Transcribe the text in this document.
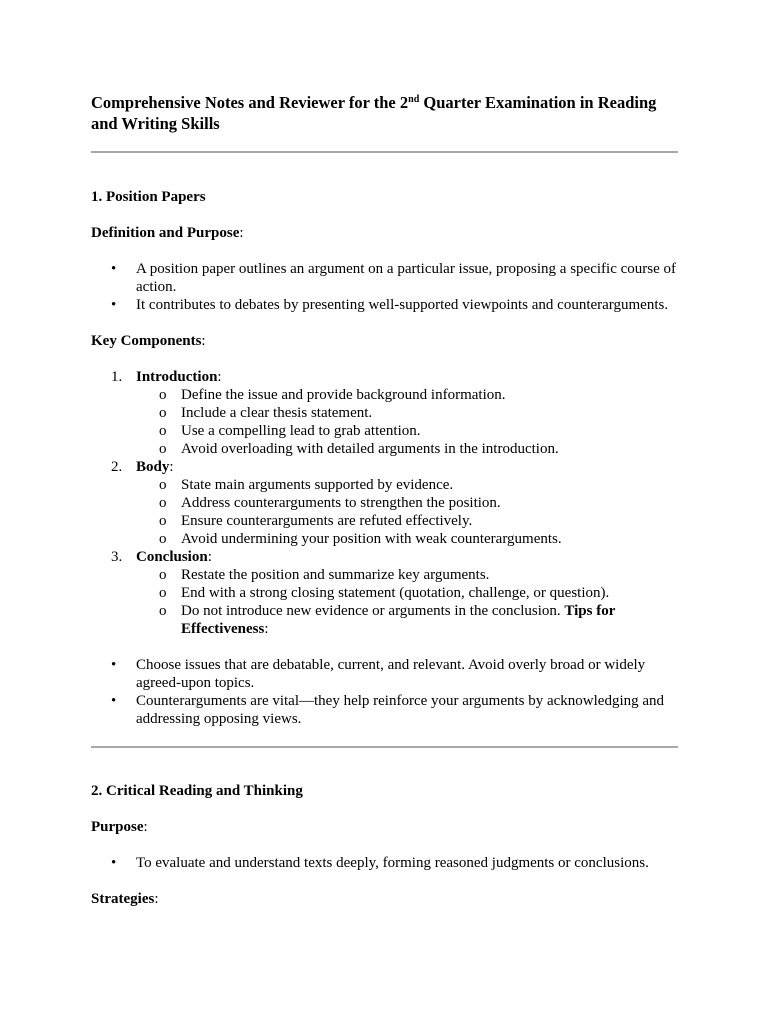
Comprehensive Notes and Reviewer for the 2nd Quarter Examination in Reading and Writing Skills
1. Position Papers

Definition and Purpose:

• A position paper outlines an argument on a particular issue, proposing a specific course of action.
• It contributes to debates by presenting well-supported viewpoints and counterarguments.

Key Components:

1. Introduction:
o Define the issue and provide background information.
o Include a clear thesis statement.
o Use a compelling lead to grab attention.
o Avoid overloading with detailed arguments in the introduction.
2. Body:
o State main arguments supported by evidence.
o Address counterarguments to strengthen the position.
o Ensure counterarguments are refuted effectively.
o Avoid undermining your position with weak counterarguments.
3. Conclusion:
o Restate the position and summarize key arguments.
o End with a strong closing statement (quotation, challenge, or question).
o Do not introduce new evidence or arguments in the conclusion. Tips for Effectiveness:
• Choose issues that are debatable, current, and relevant. Avoid overly broad or widely agreed-upon topics.
• Counterarguments are vital—they help reinforce your arguments by acknowledging and addressing opposing views.
2. Critical Reading and Thinking

Purpose:

• To evaluate and understand texts deeply, forming reasoned judgments or conclusions.

Strategies:
